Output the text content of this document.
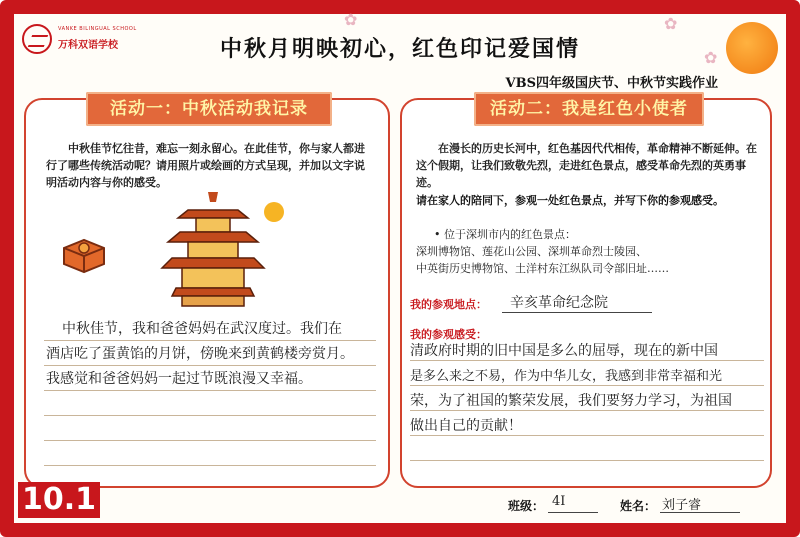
✿	✿
✿
VANKE BILINGUAL SCHOOL
万科双语学校	中秋月明映初心，红色印记爱国情
VBS四年级国庆节、中秋节实践作业
活动一：中秋活动我记录
中秋佳节忆往昔，难忘一刻永留心。在此佳节，你与家人都进行了哪些传统活动呢？请用照片或绘画的方式呈现，并加以文字说明活动内容与你的感受。
中秋佳节，我和爸爸妈妈在武汉度过。我们在
酒店吃了蛋黄馅的月饼，傍晚来到黄鹤楼旁赏月。
我感觉和爸爸妈妈一起过节既浪漫又幸福。
活动二：我是红色小使者
在漫长的历史长河中，红色基因代代相传，革命精神不断延伸。在这个假期，让我们致敬先烈，走进红色景点，感受革命先烈的英勇事迹。
请在家人的陪同下，参观一处红色景点，并写下你的参观感受。
• 位于深圳市内的红色景点：
深圳博物馆、莲花山公园、深圳革命烈士陵园、
中英街历史博物馆、土洋村东江纵队司令部旧址……
我的参观地点： 辛亥革命纪念院
我的参观感受：
清政府时期的旧中国是多么的屈辱，现在的新中国
是多么来之不易，作为中华儿女，我感到非常幸福和光
荣，为了祖国的繁荣发展，我们要努力学习，为祖国
做出自己的贡献！
10.1	班级： 4I	姓名： 刘子睿
